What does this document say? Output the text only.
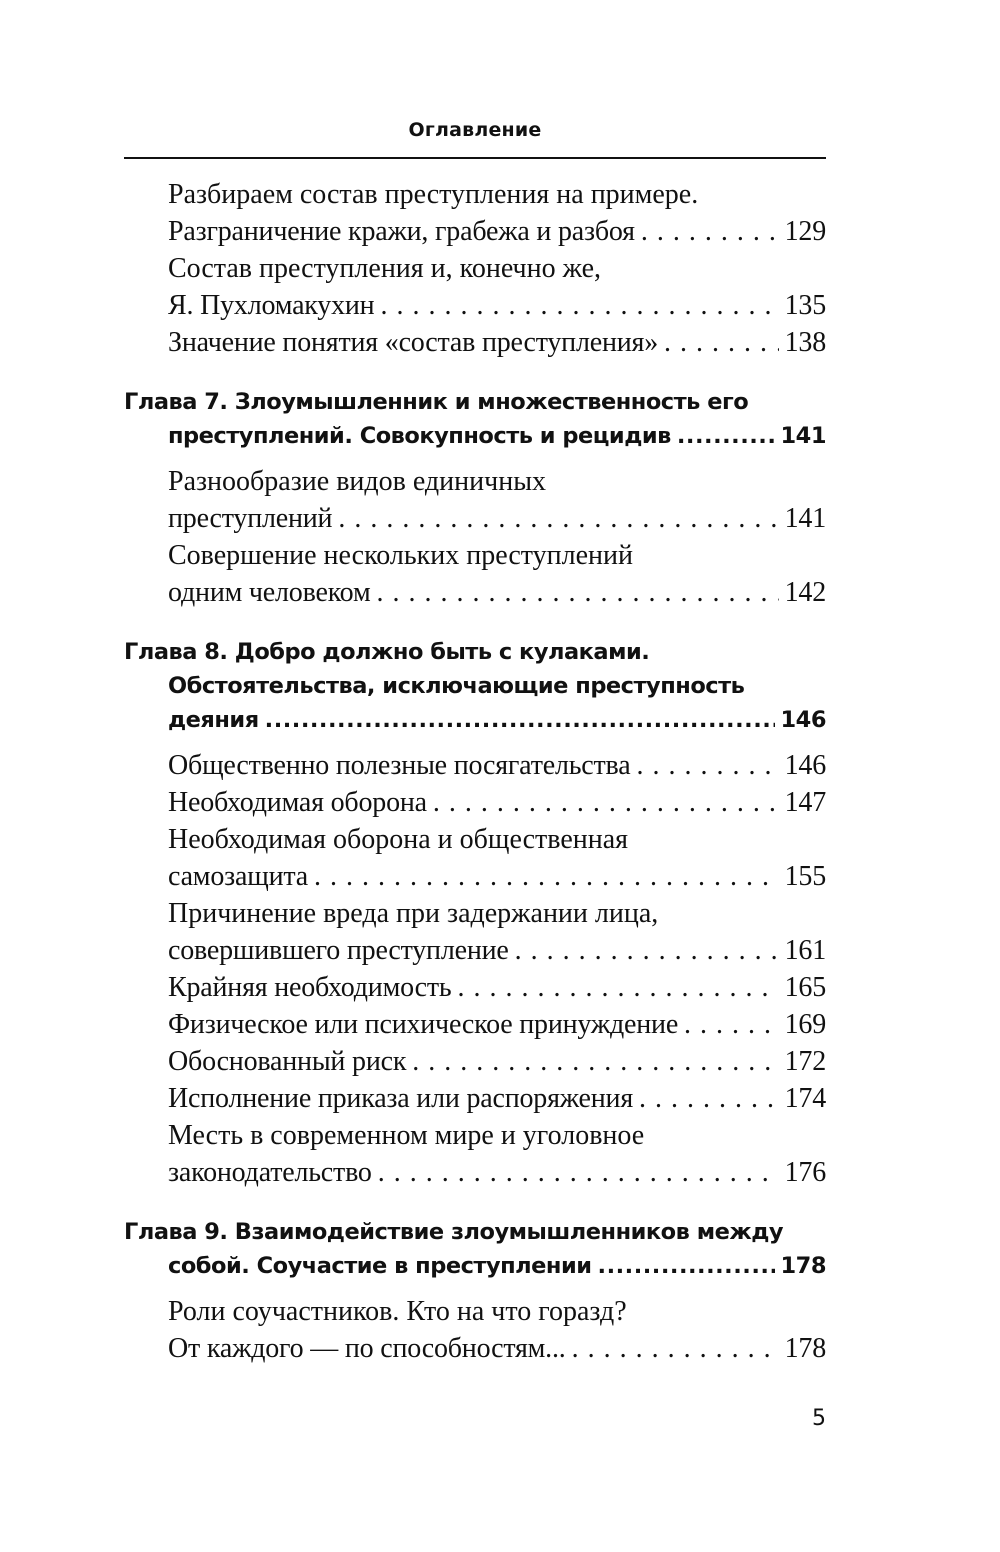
Оглавление
Разбираем состав преступления на примере.
Разграничение кражи, грабежа и разбоя . . .	129
Состав преступления и, конечно же,
Я. Пухломакухин . . .	135
Значение понятия «состав преступления» . . .	138
Глава 7. Злоумышленник и множественность его
преступлений. Совокупность и рецидив .....	141
Разнообразие видов единичных
преступлений . . .	141
Совершение нескольких преступлений
одним человеком . . .	142
Глава 8. Добро должно быть с кулаками.
Обстоятельства, исключающие преступность
деяния .....	146
Общественно полезные посягательства . . .	146
Необходимая оборона . . .	147
Необходимая оборона и общественная
самозащита . . .	155
Причинение вреда при задержании лица,
совершившего преступление . . .	161
Крайняя необходимость . . .	165
Физическое или психическое принуждение . . .	169
Обоснованный риск . . .	172
Исполнение приказа или распоряжения . . .	174
Месть в современном мире и уголовное
законодательство . . .	176
Глава 9. Взаимодействие злоумышленников между
собой. Соучастие в преступлении .....	178
Роли соучастников. Кто на что горазд?
От каждого — по способностям... . . .	178
5
